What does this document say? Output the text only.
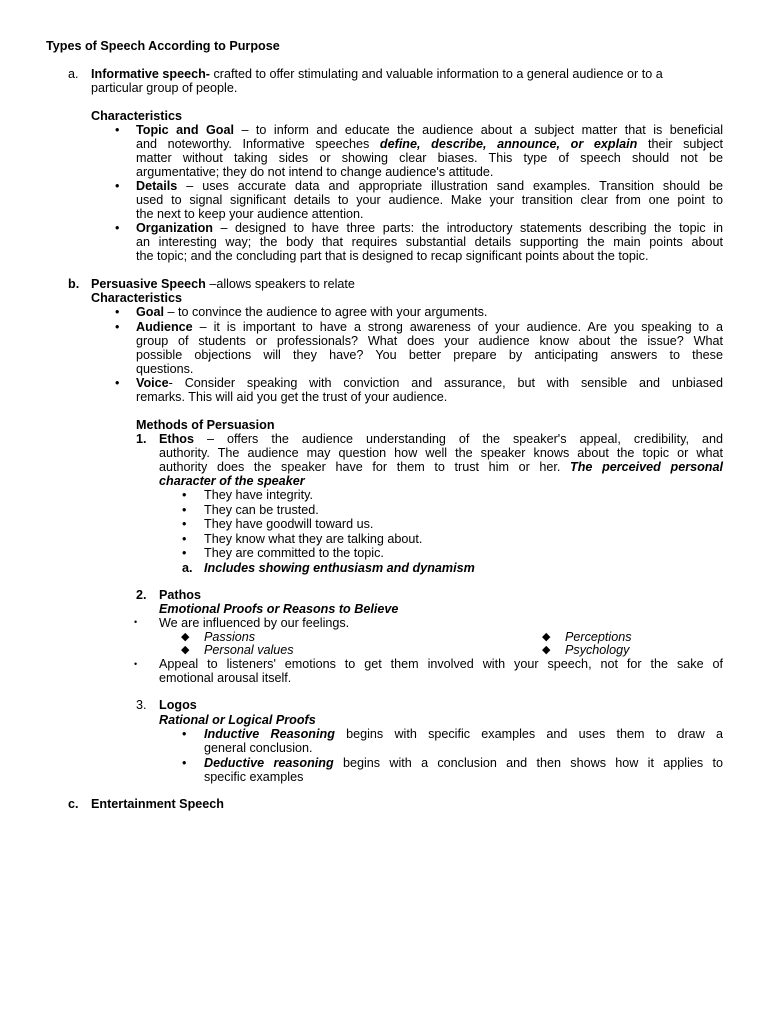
Types of Speech According to Purpose
a. Informative speech- crafted to offer stimulating and valuable information to a general audience or to a
particular group of people.
Characteristics
•
Topic and Goal – to inform and educate the audience about a subject matter that is beneficial
and noteworthy. Informative speeches define, describe, announce, or explain their subject
matter without taking sides or showing clear biases. This type of speech should not be
argumentative; they do not intend to change audience's attitude.
•
Details – uses accurate data and appropriate illustration sand examples. Transition should be
used to signal significant details to your audience. Make your transition clear from one point to
the next to keep your audience attention.
•
Organization – designed to have three parts: the introductory statements describing the topic in
an interesting way; the body that requires substantial details supporting the main points about
the topic; and the concluding part that is designed to recap significant points about the topic.
b. Persuasive Speech –allows speakers to relate
Characteristics
•
Goal – to convince the audience to agree with your arguments.
•
Audience – it is important to have a strong awareness of your audience. Are you speaking to a
group of students or professionals? What does your audience know about the issue? What
possible objections will they have? You better prepare by anticipating answers to these
questions.
•
Voice- Consider speaking with conviction and assurance, but with sensible and unbiased
remarks. This will aid you get the trust of your audience.
Methods of Persuasion
1. Ethos – offers the audience understanding of the speaker's appeal, credibility, and
authority. The audience may question how well the speaker knows about the topic or what
authority does the speaker have for them to trust him or her. The perceived personal
character of the speaker
•
They have integrity.
•
They can be trusted.
•
They have goodwill toward us.
•
They know what they are talking about.
•
They are committed to the topic.
a. Includes showing enthusiasm and dynamism
2. Pathos
Emotional Proofs or Reasons to Believe
• We are influenced by our feelings.
◆ Passions	◆ Perceptions
◆ Personal values	◆ Psychology
• Appeal to listeners' emotions to get them involved with your speech, not for the sake of
emotional arousal itself.
3. Logos
Rational or Logical Proofs
•
Inductive Reasoning begins with specific examples and uses them to draw a
general conclusion.
•
Deductive reasoning begins with a conclusion and then shows how it applies to
specific examples
c. Entertainment Speech
